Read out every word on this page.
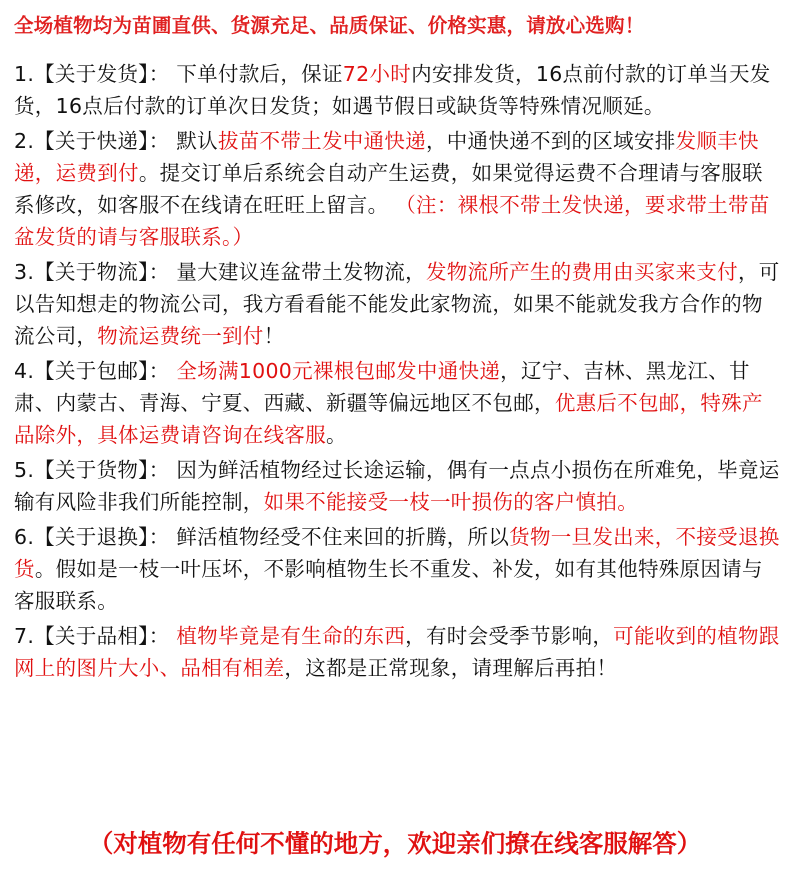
全场植物均为苗圃直供、货源充足、品质保证、价格实惠，请放心选购！

1.【关于发货】： 下单付款后，保证72小时内安排发货，16点前付款的订单当天发货，16点后付款的订单次日发货；如遇节假日或缺货等特殊情况顺延。

2.【关于快递】： 默认拔苗不带土发中通快递，中通快递不到的区域安排发顺丰快递，运费到付。提交订单后系统会自动产生运费，如果觉得运费不合理请与客服联系修改，如客服不在线请在旺旺上留言。 （注：裸根不带土发快递，要求带土带苗盆发货的请与客服联系。）

3.【关于物流】： 量大建议连盆带土发物流，发物流所产生的费用由买家来支付，可以告知想走的物流公司，我方看看能不能发此家物流，如果不能就发我方合作的物流公司，物流运费统一到付！

4.【关于包邮】： 全场满1000元裸根包邮发中通快递，辽宁、吉林、黑龙江、甘肃、内蒙古、青海、宁夏、西藏、新疆等偏远地区不包邮，优惠后不包邮，特殊产品除外，具体运费请咨询在线客服。

5.【关于货物】： 因为鲜活植物经过长途运输，偶有一点点小损伤在所难免，毕竟运输有风险非我们所能控制，如果不能接受一枝一叶损伤的客户慎拍。

6.【关于退换】： 鲜活植物经受不住来回的折腾，所以货物一旦发出来，不接受退换货。假如是一枝一叶压坏，不影响植物生长不重发、补发，如有其他特殊原因请与客服联系。

7.【关于品相】： 植物毕竟是有生命的东西，有时会受季节影响，可能收到的植物跟网上的图片大小、品相有相差，这都是正常现象，请理解后再拍！

（对植物有任何不懂的地方，欢迎亲们撩在线客服解答）
